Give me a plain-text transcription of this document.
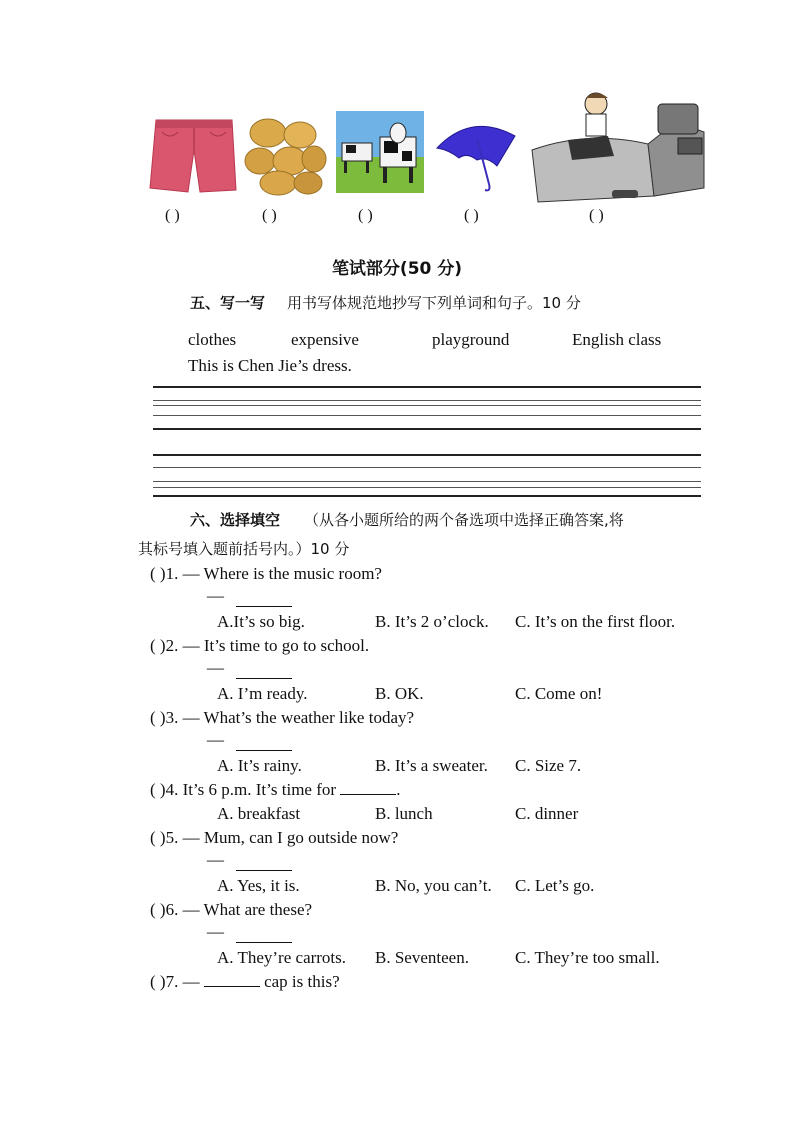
( )	( )	( )	( )	( )
笔试部分(50 分)
五、写一写 用书写体规范地抄写下列单词和句子。10 分
clothes	expensive	playground	English class
This is Chen Jie’s dress.
六、选择填空 （从各小题所给的两个备选项中选择正确答案,将
其标号填入题前括号内。）10 分
( )1. — Where is the music room?
—
A.It’s so big.	B. It’s 2 o’clock. C. It’s on the first floor.
( )2. — It’s time to go to school.
—
A. I’m ready.	B. OK.	C. Come on!
( )3. — What’s the weather like today?
—
A. It’s rainy.	B. It’s a sweater. C. Size 7.
( )4. It’s 6 p.m. It’s time for	.
A. breakfast	B. lunch	C. dinner
( )5. — Mum, can I go outside now?
—
A. Yes, it is.	B. No, you can’t. C. Let’s go.
( )6. — What are these?
—
A. They’re carrots. B. Seventeen.	C. They’re too small.
( )7. —	cap is this?
